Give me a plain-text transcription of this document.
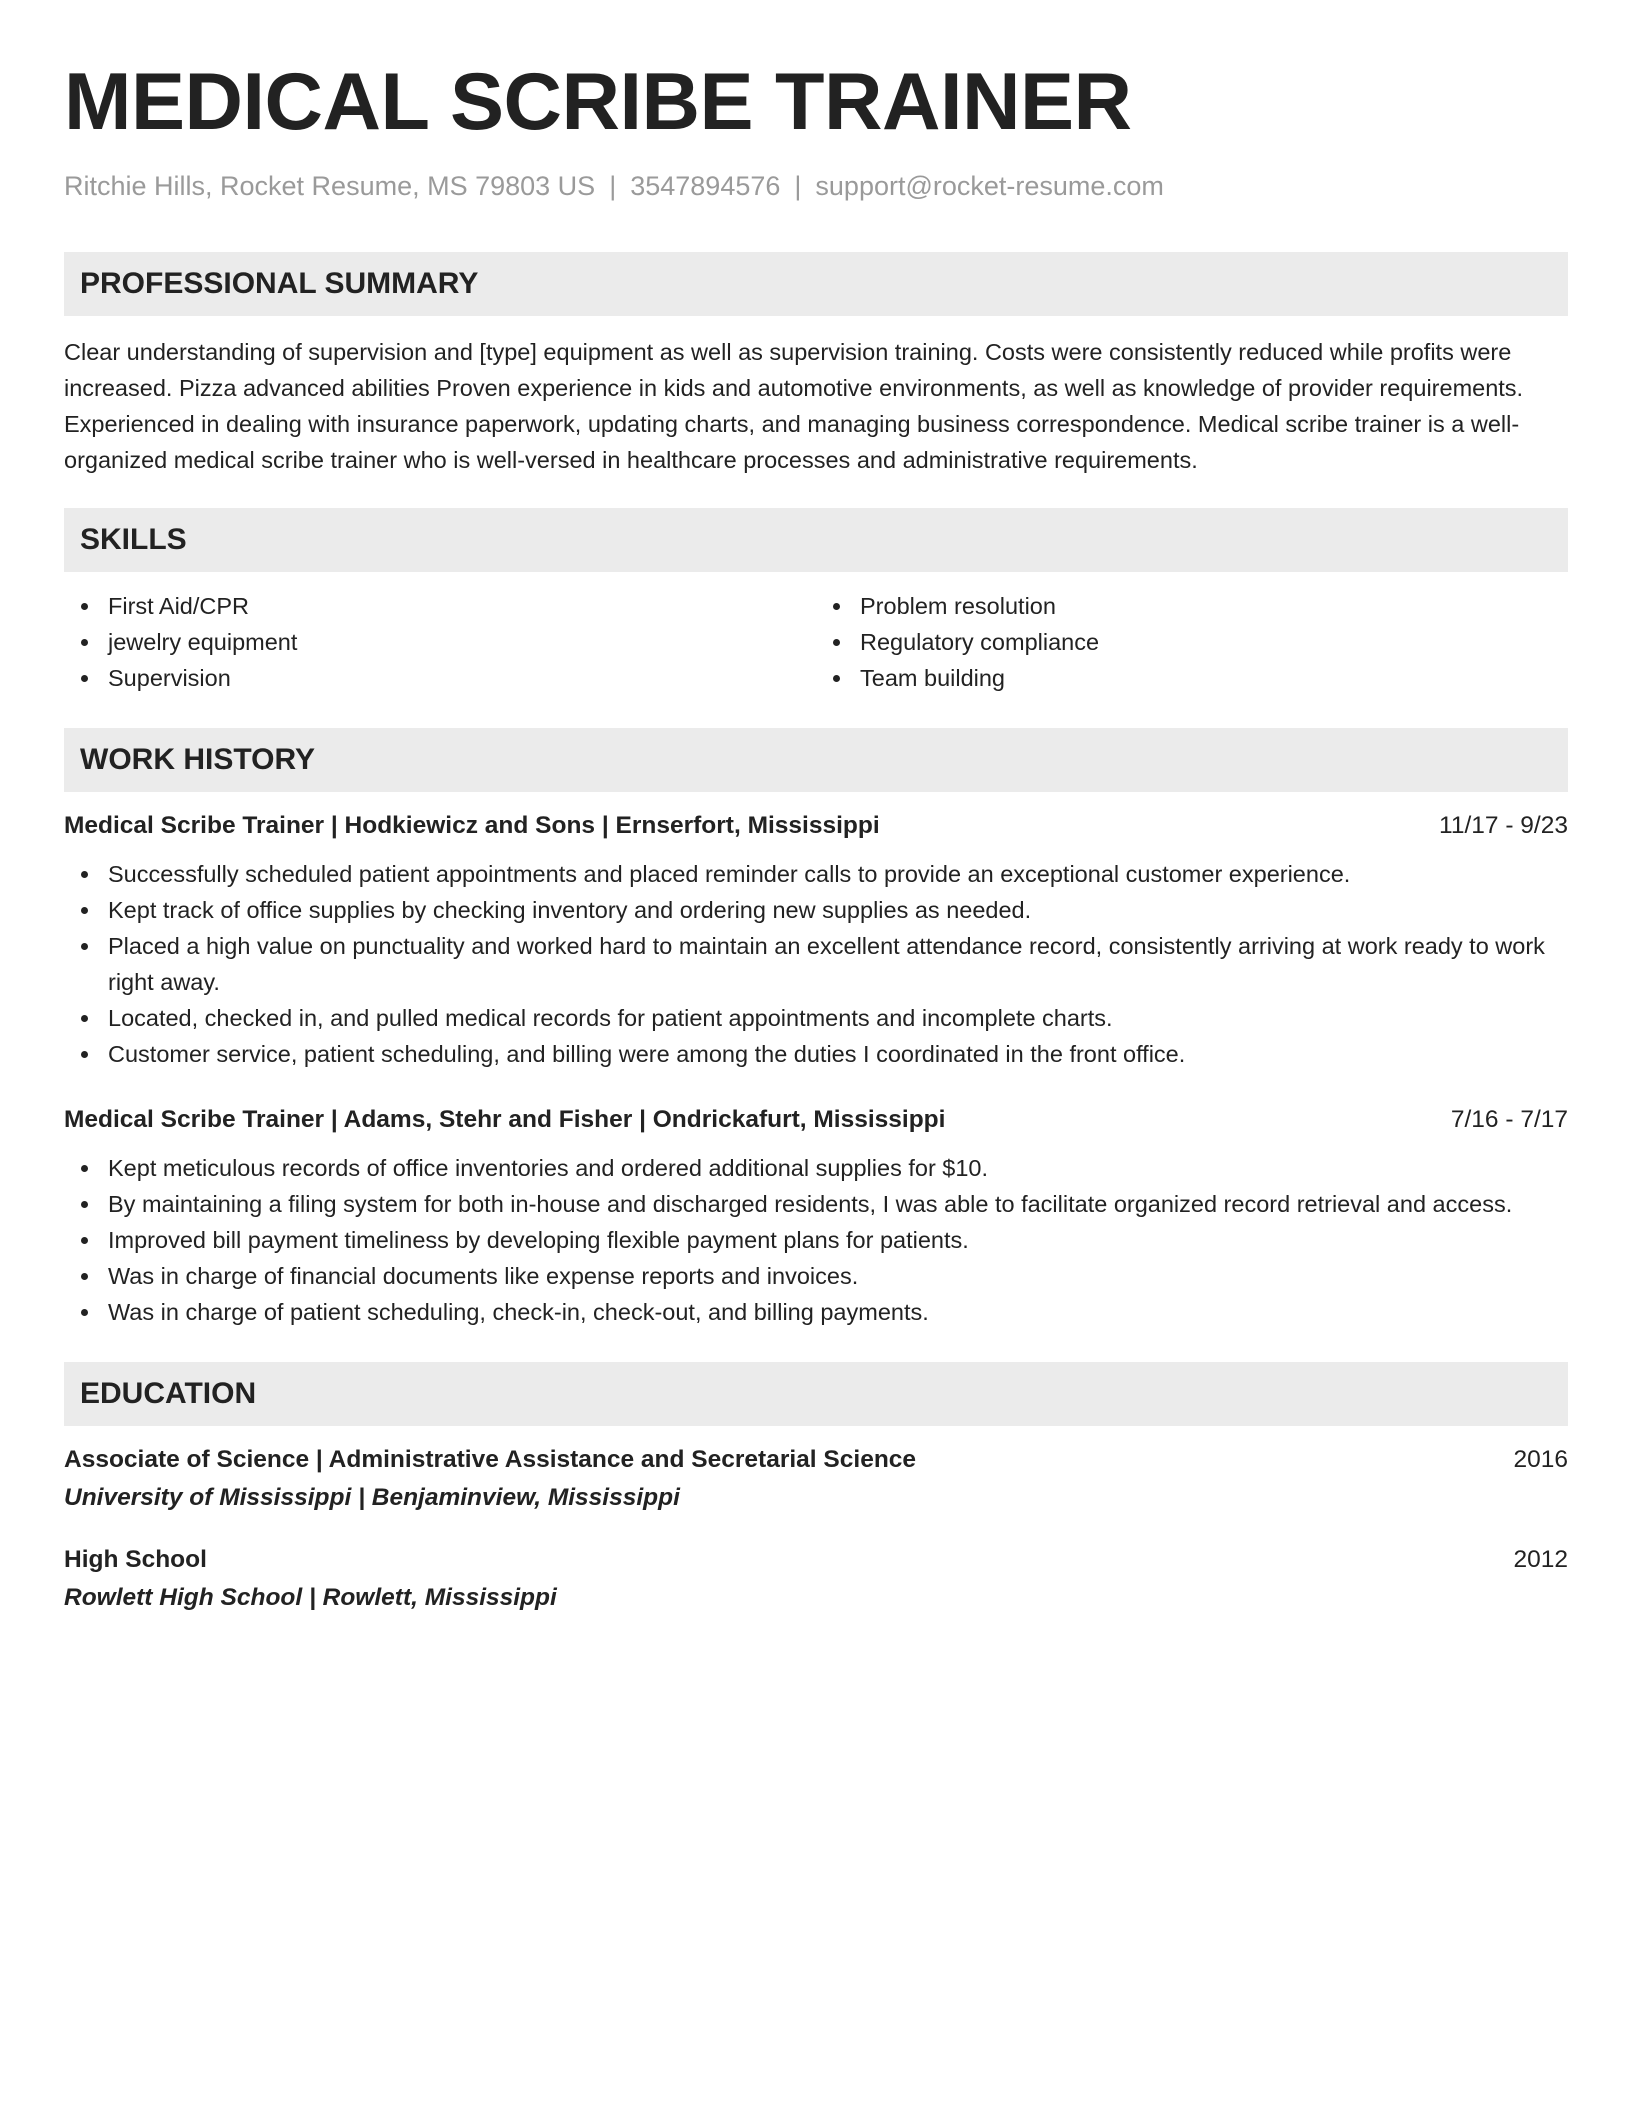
MEDICAL SCRIBE TRAINER
Ritchie Hills, Rocket Resume, MS 79803 US | 3547894576 | support@rocket-resume.com
PROFESSIONAL SUMMARY
Clear understanding of supervision and [type] equipment as well as supervision training. Costs were consistently reduced while profits were increased. Pizza advanced abilities Proven experience in kids and automotive environments, as well as knowledge of provider requirements. Experienced in dealing with insurance paperwork, updating charts, and managing business correspondence. Medical scribe trainer is a well-organized medical scribe trainer who is well-versed in healthcare processes and administrative requirements.
SKILLS
First Aid/CPR
jewelry equipment
Supervision
Problem resolution
Regulatory compliance
Team building
WORK HISTORY
Medical Scribe Trainer | Hodkiewicz and Sons | Ernserfort, Mississippi	11/17 - 9/23
Successfully scheduled patient appointments and placed reminder calls to provide an exceptional customer experience.
Kept track of office supplies by checking inventory and ordering new supplies as needed.
Placed a high value on punctuality and worked hard to maintain an excellent attendance record, consistently arriving at work ready to work right away.
Located, checked in, and pulled medical records for patient appointments and incomplete charts.
Customer service, patient scheduling, and billing were among the duties I coordinated in the front office.
Medical Scribe Trainer | Adams, Stehr and Fisher | Ondrickafurt, Mississippi	7/16 - 7/17
Kept meticulous records of office inventories and ordered additional supplies for $10.
By maintaining a filing system for both in-house and discharged residents, I was able to facilitate organized record retrieval and access.
Improved bill payment timeliness by developing flexible payment plans for patients.
Was in charge of financial documents like expense reports and invoices.
Was in charge of patient scheduling, check-in, check-out, and billing payments.
EDUCATION
Associate of Science | Administrative Assistance and Secretarial Science	2016
University of Mississippi | Benjaminview, Mississippi
High School	2012
Rowlett High School | Rowlett, Mississippi
